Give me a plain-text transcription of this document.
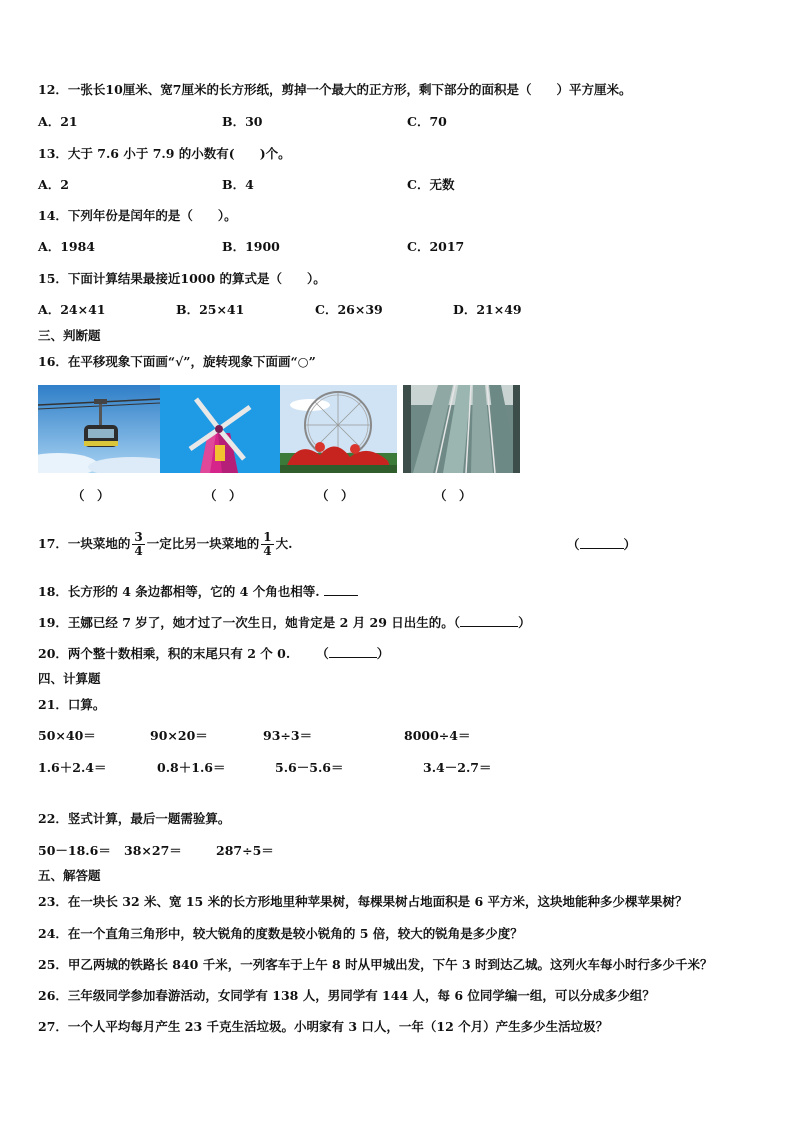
12．一张长10厘米、宽7厘米的长方形纸，剪掉一个最大的正方形，剩下部分的面积是（　　）平方厘米。
A．21	B．30	C．70
13．大于 7.6 小于 7.9 的小数有(　　)个。
A．2	B．4	C．无数
14．下列年份是闰年的是（　　）。
A．1984	B．1900	C．2017
15．下面计算结果最接近1000 的算式是（　　）。
A．24×41	B．25×41	C．26×39	D．21×49
三、判断题
16．在平移现象下面画“√”，旋转现象下面画“○”
（　）	（　）	（　）	（　）
17．一块菜地的 $\frac{3}{4}$ 一定比另一块菜地的 $\frac{1}{4}$ 大.	（	）
18．长方形的 4 条边都相等，它的 4 个角也相等.
19．王娜已经 7 岁了，她才过了一次生日，她肯定是 2 月 29 日出生的。（	）
20．两个整十数相乘，积的末尾只有 2 个 0. （	）
四、计算题
21．口算。
50×40＝	90×20＝	93÷3＝	8000÷4＝
1.6＋2.4＝	0.8＋1.6＝	5.6－5.6＝	3.4－2.7＝
22．竖式计算，最后一题需验算。
50－18.6＝ 38×27＝	287÷5＝
五、解答题
23．在一块长 32 米、宽 15 米的长方形地里种苹果树，每棵果树占地面积是 6 平方米，这块地能种多少棵苹果树？
24．在一个直角三角形中，较大锐角的度数是较小锐角的 5 倍，较大的锐角是多少度？
25．甲乙两城的铁路长 840 千米，一列客车于上午 8 时从甲城出发，下午 3 时到达乙城。这列火车每小时行多少千米？
26．三年级同学参加春游活动，女同学有 138 人，男同学有 144 人，每 6 位同学编一组，可以分成多少组？
27．一个人平均每月产生 23 千克生活垃圾。小明家有 3 口人，一年（12 个月）产生多少生活垃圾？
